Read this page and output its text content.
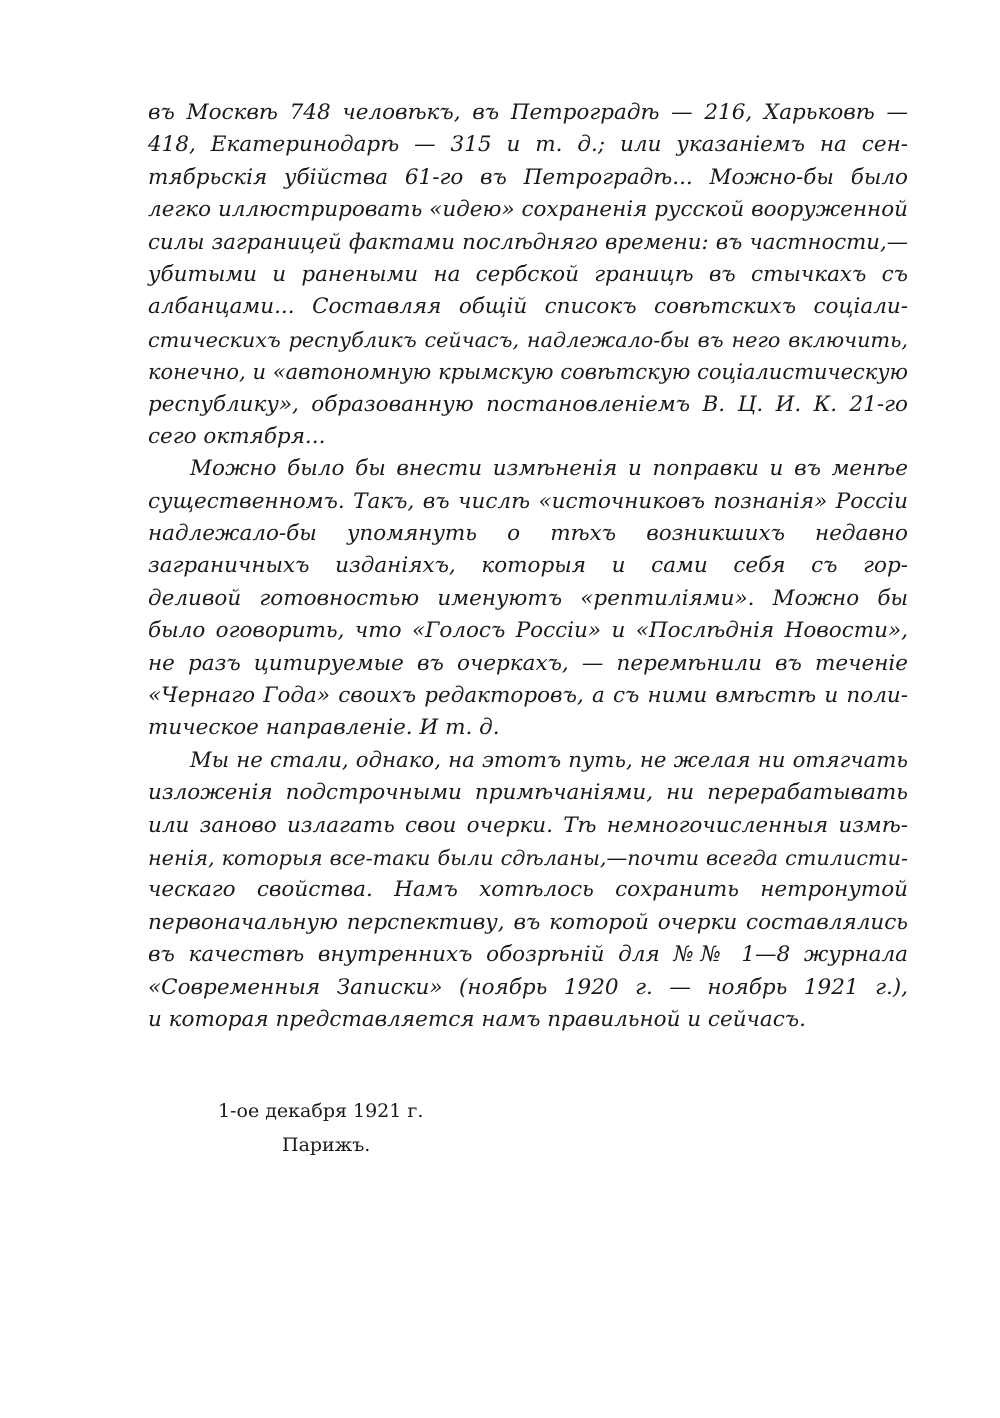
въ Москвѣ 748 человѣкъ, въ Петроградѣ — 216, Харьковѣ —
418, Екатеринодарѣ — 315 и т. д.; или указаніемъ на сен-
тябрьскія убійства 61-го въ Петроградѣ... Можно-бы было
легко иллюстрировать «идею» сохраненія русской вооруженной
силы заграницей фактами послѣдняго времени: въ частности,—
убитыми и ранеными на сербской границѣ въ стычкахъ съ
албанцами... Составляя общій списокъ совѣтскихъ соціали-
стическихъ республикъ сейчасъ, надлежало-бы въ него включить,
конечно, и «автономную крымскую совѣтскую соціалистическую
республику», образованную постановленіемъ В. Ц. И. К. 21-го
сего октября...
Можно было бы внести измѣненія и поправки и въ менѣе
существенномъ. Такъ, въ числѣ «источниковъ познанія» Россіи
надлежало-бы упомянуть о тѣхъ возникшихъ недавно
заграничныхъ изданіяхъ, которыя и сами себя съ гор-
деливой готовностью именуютъ «рептиліями». Можно бы
было оговорить, что «Голосъ Россіи» и «Послѣднія Новости»,
не разъ цитируемые въ очеркахъ, — перемѣнили въ теченіе
«Чернаго Года» своихъ редакторовъ, а съ ними вмѣстѣ и поли-
тическое направленіе. И т. д.
Мы не стали, однако, на этотъ путь, не желая ни отягчать
изложенія подстрочными примѣчаніями, ни перерабатывать
или заново излагать свои очерки. Тѣ немногочисленныя измѣ-
ненія, которыя все-таки были сдѣланы,—почти всегда стилисти-
ческаго свойства. Намъ хотѣлось сохранить нетронутой
первоначальную перспективу, въ которой очерки составлялись
въ качествѣ внутреннихъ обозрѣній для №№ 1—8 журнала
«Современныя Записки» (ноябрь 1920 г. — ноябрь 1921 г.),
и которая представляется намъ правильной и сейчасъ.
1-ое декабря 1921 г.
Парижъ.
